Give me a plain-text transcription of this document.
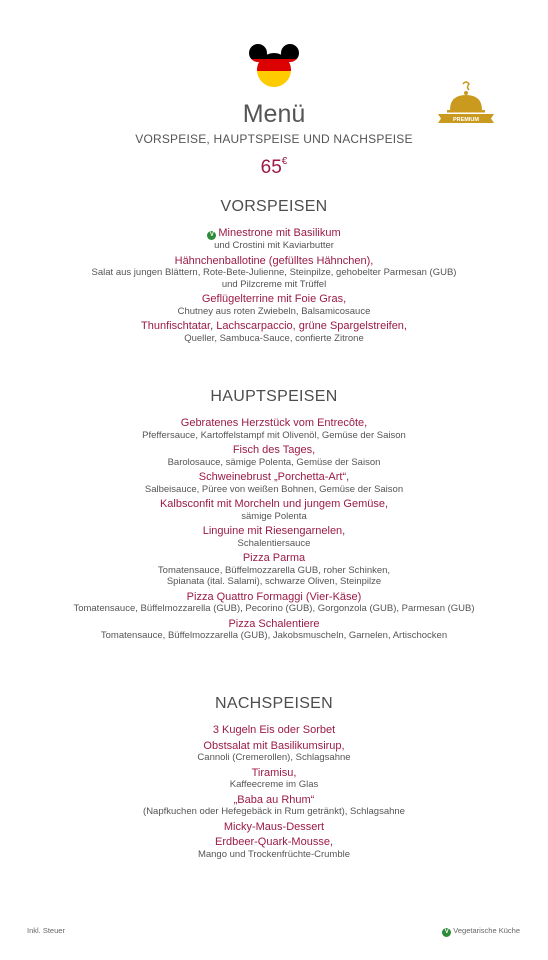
PREMIUM
Menü
VORSPEISE, HAUPTSPEISE UND NACHSPEISE
65€
VORSPEISEN
V Minestrone mit Basilikum
und Crostini mit Kaviarbutter
Hähnchenballotine (gefülltes Hähnchen),
Salat aus jungen Blättern, Rote-Bete-Julienne, Steinpilze, gehobelter Parmesan (GUB)
und Pilzcreme mit Trüffel
Geflügelterrine mit Foie Gras,
Chutney aus roten Zwiebeln, Balsamicosauce
Thunfischtatar, Lachscarpaccio, grüne Spargelstreifen,
Queller, Sambuca-Sauce, confierte Zitrone
HAUPTSPEISEN
Gebratenes Herzstück vom Entrecôte,
Pfeffersauce, Kartoffelstampf mit Olivenöl, Gemüse der Saison
Fisch des Tages,
Barolosauce, sämige Polenta, Gemüse der Saison
Schweinebrust „Porchetta-Art“,
Salbeisauce, Püree von weißen Bohnen, Gemüse der Saison
Kalbsconfit mit Morcheln und jungem Gemüse,
sämige Polenta
Linguine mit Riesengarnelen,
Schalentiersauce
Pizza Parma
Tomatensauce, Büffelmozzarella GUB, roher Schinken,
Spianata (ital. Salami), schwarze Oliven, Steinpilze
Pizza Quattro Formaggi (Vier-Käse)
Tomatensauce, Büffelmozzarella (GUB), Pecorino (GUB), Gorgonzola (GUB), Parmesan (GUB)
Pizza Schalentiere
Tomatensauce, Büffelmozzarella (GUB), Jakobsmuscheln, Garnelen, Artischocken
NACHSPEISEN
3 Kugeln Eis oder Sorbet
Obstsalat mit Basilikumsirup,
Cannoli (Cremerollen), Schlagsahne
Tiramisu,
Kaffeecreme im Glas
„Baba au Rhum“
(Napfkuchen oder Hefegebäck in Rum getränkt), Schlagsahne
Micky-Maus-Dessert
Erdbeer-Quark-Mousse,
Mango und Trockenfrüchte-Crumble
Inkl. Steuer	V Vegetarische Küche
